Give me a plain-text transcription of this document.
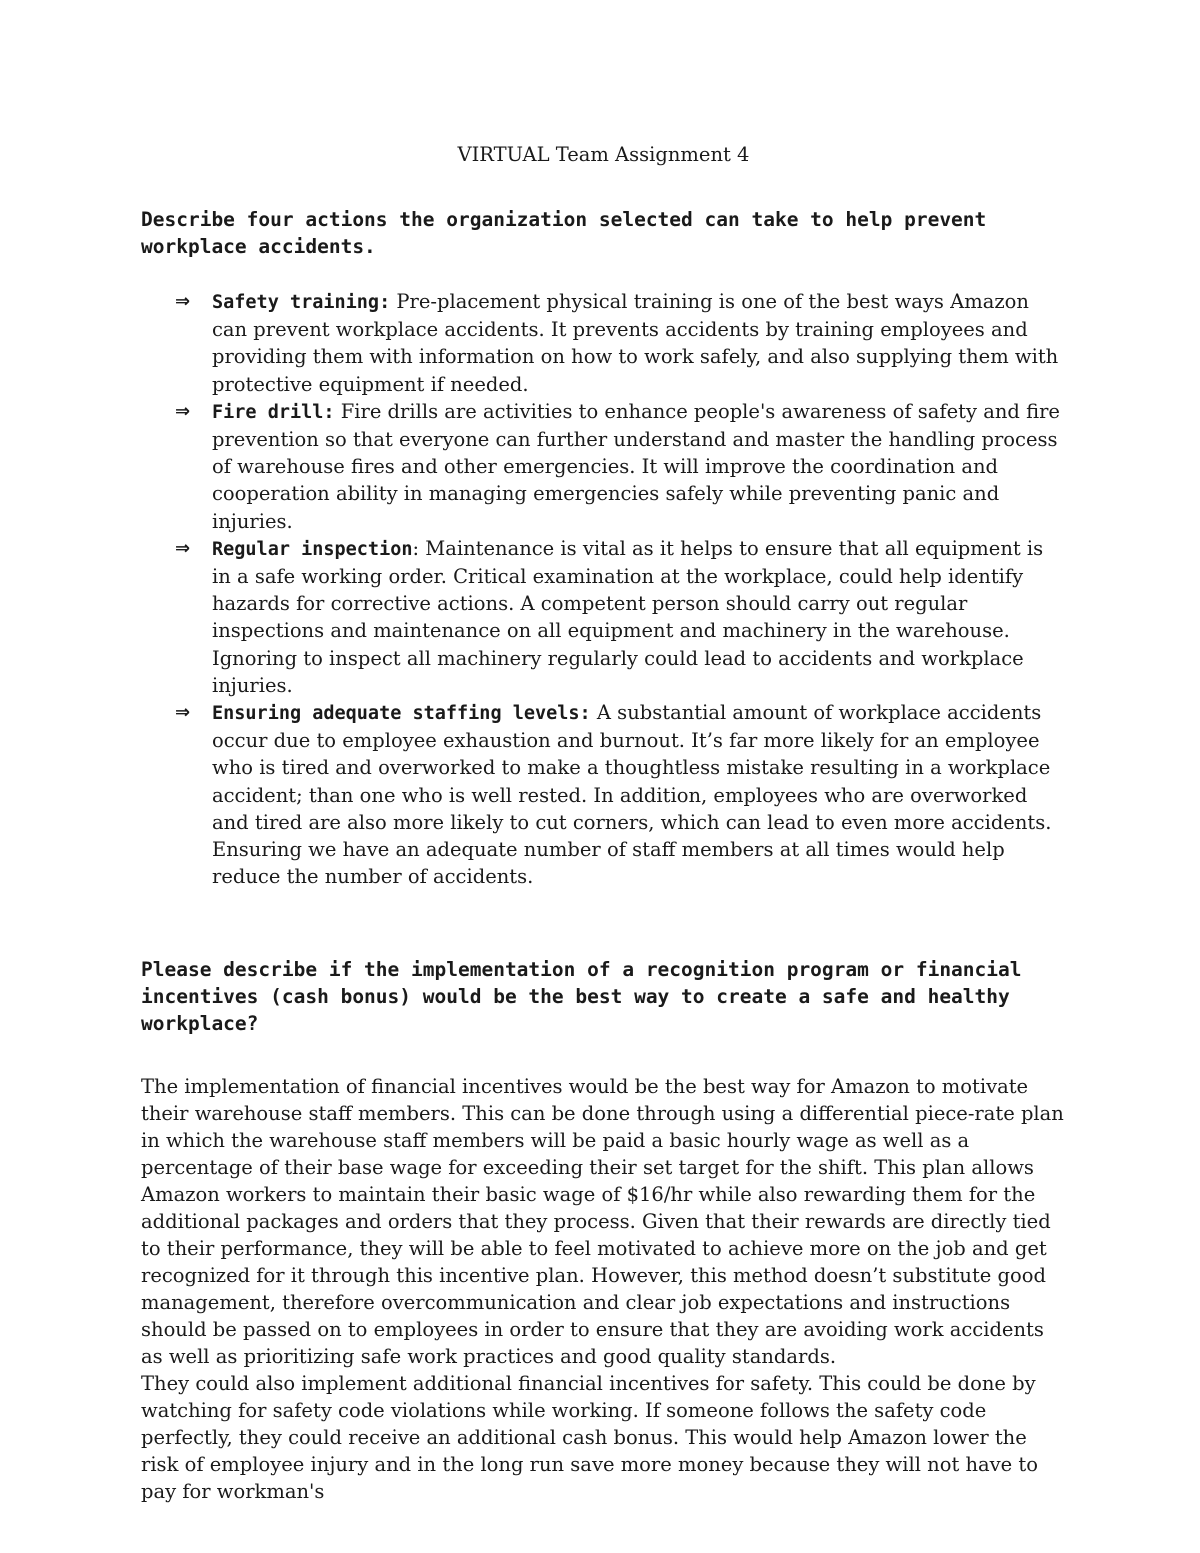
VIRTUAL Team Assignment 4

Describe four actions the organization selected can take to help prevent workplace accidents.

⇒ Safety training: Pre-placement physical training is one of the best ways Amazon can prevent workplace accidents. It prevents accidents by training employees and providing them with information on how to work safely, and also supplying them with protective equipment if needed.
⇒ Fire drill: Fire drills are activities to enhance people's awareness of safety and fire prevention so that everyone can further understand and master the handling process of warehouse fires and other emergencies. It will improve the coordination and cooperation ability in managing emergencies safely while preventing panic and injuries.
⇒ Regular inspection: Maintenance is vital as it helps to ensure that all equipment is in a safe working order. Critical examination at the workplace, could help identify hazards for corrective actions. A competent person should carry out regular inspections and maintenance on all equipment and machinery in the warehouse. Ignoring to inspect all machinery regularly could lead to accidents and workplace injuries.
⇒ Ensuring adequate staffing levels: A substantial amount of workplace accidents occur due to employee exhaustion and burnout. It’s far more likely for an employee who is tired and overworked to make a thoughtless mistake resulting in a workplace accident; than one who is well rested. In addition, employees who are overworked and tired are also more likely to cut corners, which can lead to even more accidents. Ensuring we have an adequate number of staff members at all times would help reduce the number of accidents.

Please describe if the implementation of a recognition program or financial incentives (cash bonus) would be the best way to create a safe and healthy workplace?

The implementation of financial incentives would be the best way for Amazon to motivate their warehouse staff members. This can be done through using a differential piece-rate plan in which the warehouse staff members will be paid a basic hourly wage as well as a percentage of their base wage for exceeding their set target for the shift. This plan allows Amazon workers to maintain their basic wage of $16/hr while also rewarding them for the additional packages and orders that they process. Given that their rewards are directly tied to their performance, they will be able to feel motivated to achieve more on the job and get recognized for it through this incentive plan. However, this method doesn’t substitute good management, therefore overcommunication and clear job expectations and instructions should be passed on to employees in order to ensure that they are avoiding work accidents as well as prioritizing safe work practices and good quality standards.

They could also implement additional financial incentives for safety. This could be done by watching for safety code violations while working. If someone follows the safety code perfectly, they could receive an additional cash bonus. This would help Amazon lower the risk of employee injury and in the long run save more money because they will not have to pay for workman's
